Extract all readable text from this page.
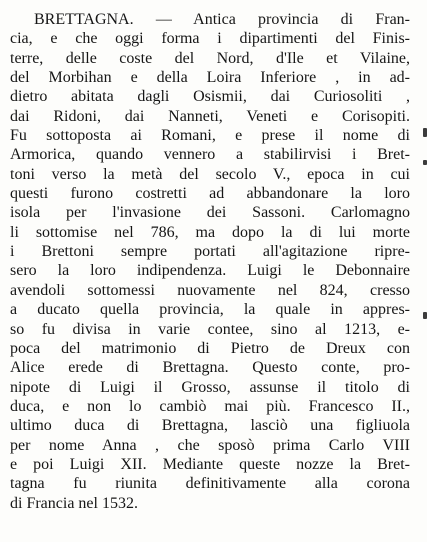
BRETTAGNA. — Antica provincia di Fran-
cia, e che oggi forma i dipartimenti del Finis-
terre, delle coste del Nord, d'Ile et Vilaine,
del Morbihan e della Loira Inferiore , in ad-
dietro abitata dagli Osismii, dai Curiosoliti ,
dai Ridoni, dai Nanneti, Veneti e Corisopiti.
Fu sottoposta ai Romani, e prese il nome di
Armorica, quando vennero a stabilirvisi i Bret-
toni verso la metà del secolo V., epoca in cui
questi furono costretti ad abbandonare la loro
isola per l'invasione dei Sassoni. Carlomagno
li sottomise nel 786, ma dopo la di lui morte
i Brettoni sempre portati all'agitazione ripre-
sero la loro indipendenza. Luigi le Debonnaire
avendoli sottomessi nuovamente nel 824, cresso
a ducato quella provincia, la quale in appres-
so fu divisa in varie contee, sino al 1213, e-
poca del matrimonio di Pietro de Dreux con
Alice erede di Brettagna. Questo conte, pro-
nipote di Luigi il Grosso, assunse il titolo di
duca, e non lo cambiò mai più. Francesco II.,
ultimo duca di Brettagna, lasciò una figliuola
per nome Anna , che sposò prima Carlo VIII
e poi Luigi XII. Mediante queste nozze la Bret-
tagna fu riunita definitivamente alla corona
di Francia nel 1532.
